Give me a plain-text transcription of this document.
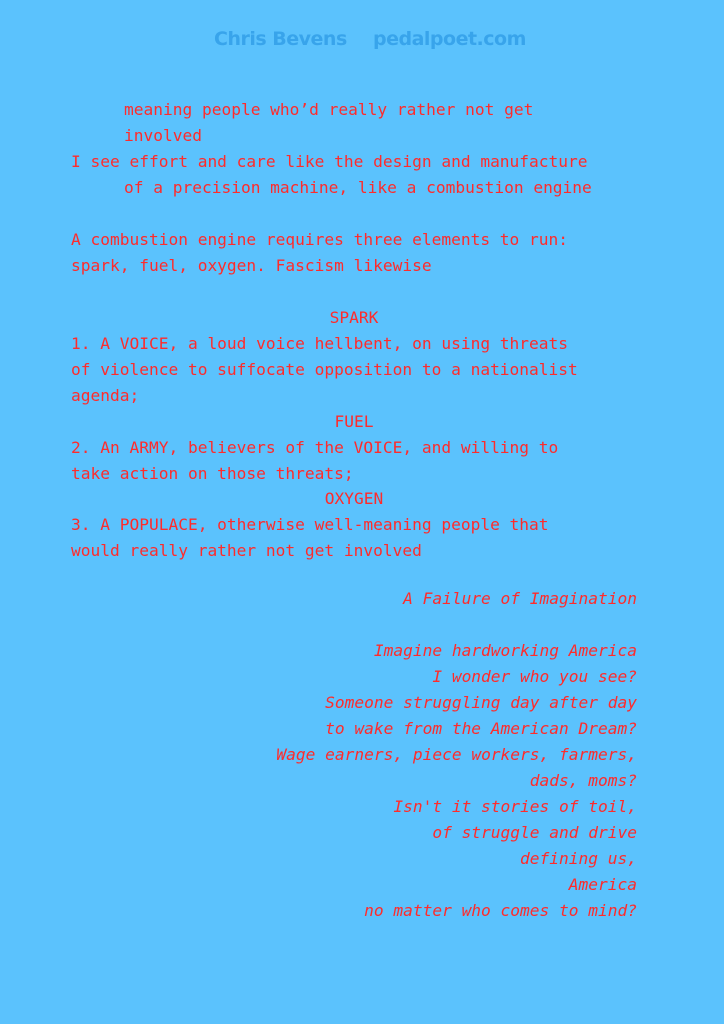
Chris Bevens pedalpoet.com
meaning people who’d really rather not get
involved
I see effort and care like the design and manufacture
of a precision machine, like a combustion engine
A combustion engine requires three elements to run:
spark, fuel, oxygen. Fascism likewise
SPARK
1. A VOICE, a loud voice hellbent, on using threats
of violence to suffocate opposition to a nationalist
agenda;
FUEL
2. An ARMY, believers of the VOICE, and willing to
take action on those threats;
OXYGEN
3. A POPULACE, otherwise well-meaning people that
would really rather not get involved
A Failure of Imagination
Imagine hardworking America
I wonder who you see?
Someone struggling day after day
to wake from the American Dream?
Wage earners, piece workers, farmers,
dads, moms?
Isn't it stories of toil,
of struggle and drive
defining us,
America
no matter who comes to mind?
